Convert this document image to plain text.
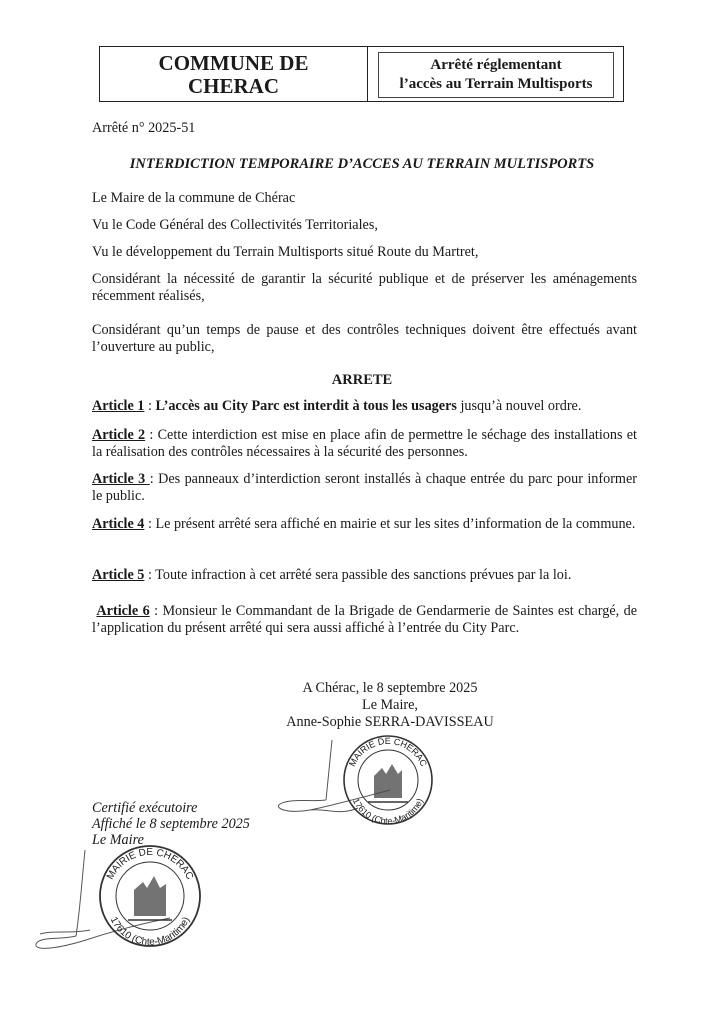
COMMUNE DE
CHERAC
Arrêté réglementant
l’accès au Terrain Multisports
Arrêté n° 2025-51
INTERDICTION TEMPORAIRE D’ACCES AU TERRAIN MULTISPORTS
Le Maire de la commune de Chérac
Vu le Code Général des Collectivités Territoriales,
Vu le développement du Terrain Multisports situé Route du Martret,
Considérant la nécessité de garantir la sécurité publique et de préserver les aménagements récemment réalisés,
Considérant qu’un temps de pause et des contrôles techniques doivent être effectués avant l’ouverture au public,
ARRETE
Article 1 : L’accès au City Parc est interdit à tous les usagers jusqu’à nouvel ordre.
Article 2 : Cette interdiction est mise en place afin de permettre le séchage des installations et la réalisation des contrôles nécessaires à la sécurité des personnes.
Article 3 : Des panneaux d’interdiction seront installés à chaque entrée du parc pour informer le public.
Article 4 : Le présent arrêté sera affiché en mairie et sur les sites d’information de la commune.
Article 5 : Toute infraction à cet arrêté sera passible des sanctions prévues par la loi.
Article 6 : Monsieur le Commandant de la Brigade de Gendarmerie de Saintes est chargé, de l’application du présent arrêté qui sera aussi affiché à l’entrée du City Parc.
A Chérac, le 8 septembre 2025
Le Maire,
Anne-Sophie SERRA-DAVISSEAU
MAIRIE DE CHERAC
17610 (Chte-Maritime)
Certifié exécutoire
Affiché le 8 septembre 2025
Le Maire
MAIRIE DE CHERAC
17610 (Chte-Maritime)
